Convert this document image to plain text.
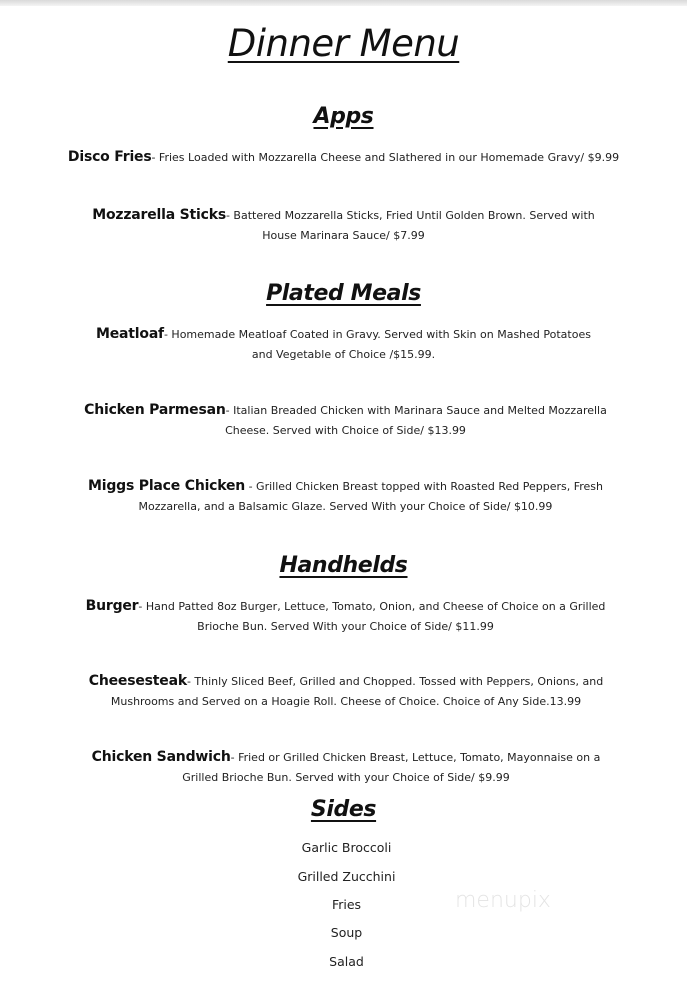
Dinner Menu
Apps
Disco Fries- Fries Loaded with Mozzarella Cheese and Slathered in our Homemade Gravy/ $9.99
Mozzarella Sticks- Battered Mozzarella Sticks, Fried Until Golden Brown. Served with House Marinara Sauce/ $7.99
Plated Meals
Meatloaf- Homemade Meatloaf Coated in Gravy. Served with Skin on Mashed Potatoes and Vegetable of Choice /$15.99.
Chicken Parmesan- Italian Breaded Chicken with Marinara Sauce and Melted Mozzarella Cheese. Served with Choice of Side/ $13.99
Miggs Place Chicken - Grilled Chicken Breast topped with Roasted Red Peppers, Fresh Mozzarella, and a Balsamic Glaze. Served With your Choice of Side/ $10.99
Handhelds
Burger- Hand Patted 8oz Burger, Lettuce, Tomato, Onion, and Cheese of Choice on a Grilled Brioche Bun. Served With your Choice of Side/ $11.99
Cheesesteak- Thinly Sliced Beef, Grilled and Chopped. Tossed with Peppers, Onions, and Mushrooms and Served on a Hoagie Roll. Cheese of Choice. Choice of Any Side.13.99
Chicken Sandwich- Fried or Grilled Chicken Breast, Lettuce, Tomato, Mayonnaise on a Grilled Brioche Bun. Served with your Choice of Side/ $9.99
Sides
Garlic Broccoli
Grilled Zucchini
Fries
Soup
Salad
menupix
